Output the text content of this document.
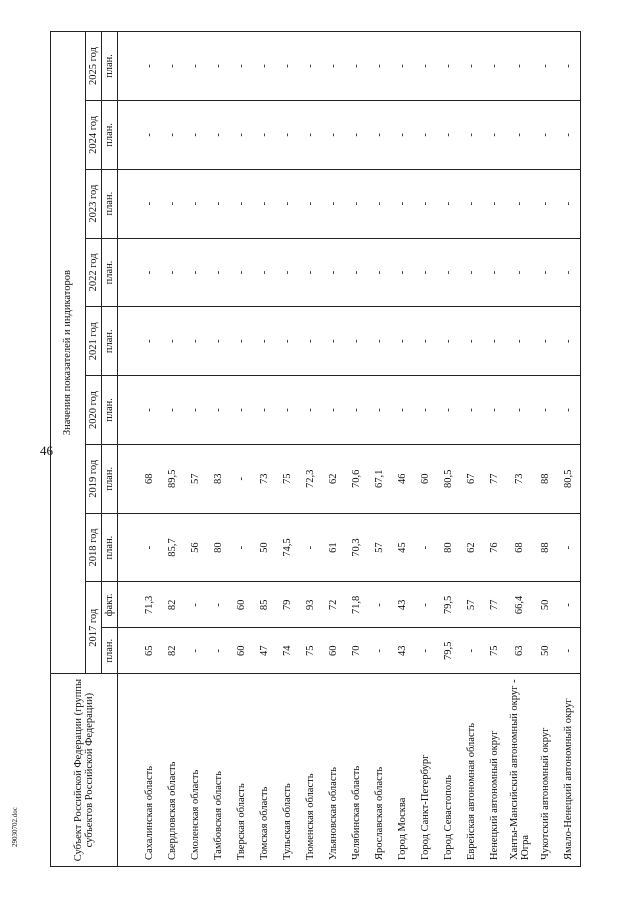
46
29030702.doc	Субъект Российской Федерации (группы субъектов Российской Федерации)	Значения показателей и индикаторов									
	2017 год		2018 год	2019 год	2020 год	2021 год	2022 год	2023 год	2024 год	2025 год
	план.	факт.	план.	план.	план.	план.	план.	план.	план.	план.
Сахалинская область	65	71,3	-	68	-	-	-	-	-	-
Свердловская область	82	82	85,7	89,5	-	-	-	-	-	-
Смоленская область	-	-	56	57	-	-	-	-	-	-
Тамбовская область	-	-	80	83	-	-	-	-	-	-
Тверская область	60	60	-	-	-	-	-	-	-	-
Томская область	47	85	50	73	-	-	-	-	-	-
Тульская область	74	79	74,5	75	-	-	-	-	-	-
Тюменская область	75	93	-	72,3	-	-	-	-	-	-
Ульяновская область	60	72	61	62	-	-	-	-	-	-
Челябинская область	70	71,8	70,3	70,6	-	-	-	-	-	-
Ярославская область	-	-	57	67,1	-	-	-	-	-	-
Город Москва	43	43	45	46	-	-	-	-	-	-
Город Санкт-Петербург	-	-	-	60	-	-	-	-	-	-
Город Севастополь	79,5	79,5	80	80,5	-	-	-	-	-	-
Еврейская автономная область	-	57	62	67	-	-	-	-	-	-
Ненецкий автономный округ	75	77	76	77	-	-	-	-	-	-
Ханты-Мансийский автономный округ - Югра	63	66,4	68	73	-	-	-	-	-	-
Чукотский автономный округ	50	50	88	88	-	-	-	-	-	-
Ямало-Ненецкий автономный округ	-	-	-	80,5	-	-	-	-	-	-
